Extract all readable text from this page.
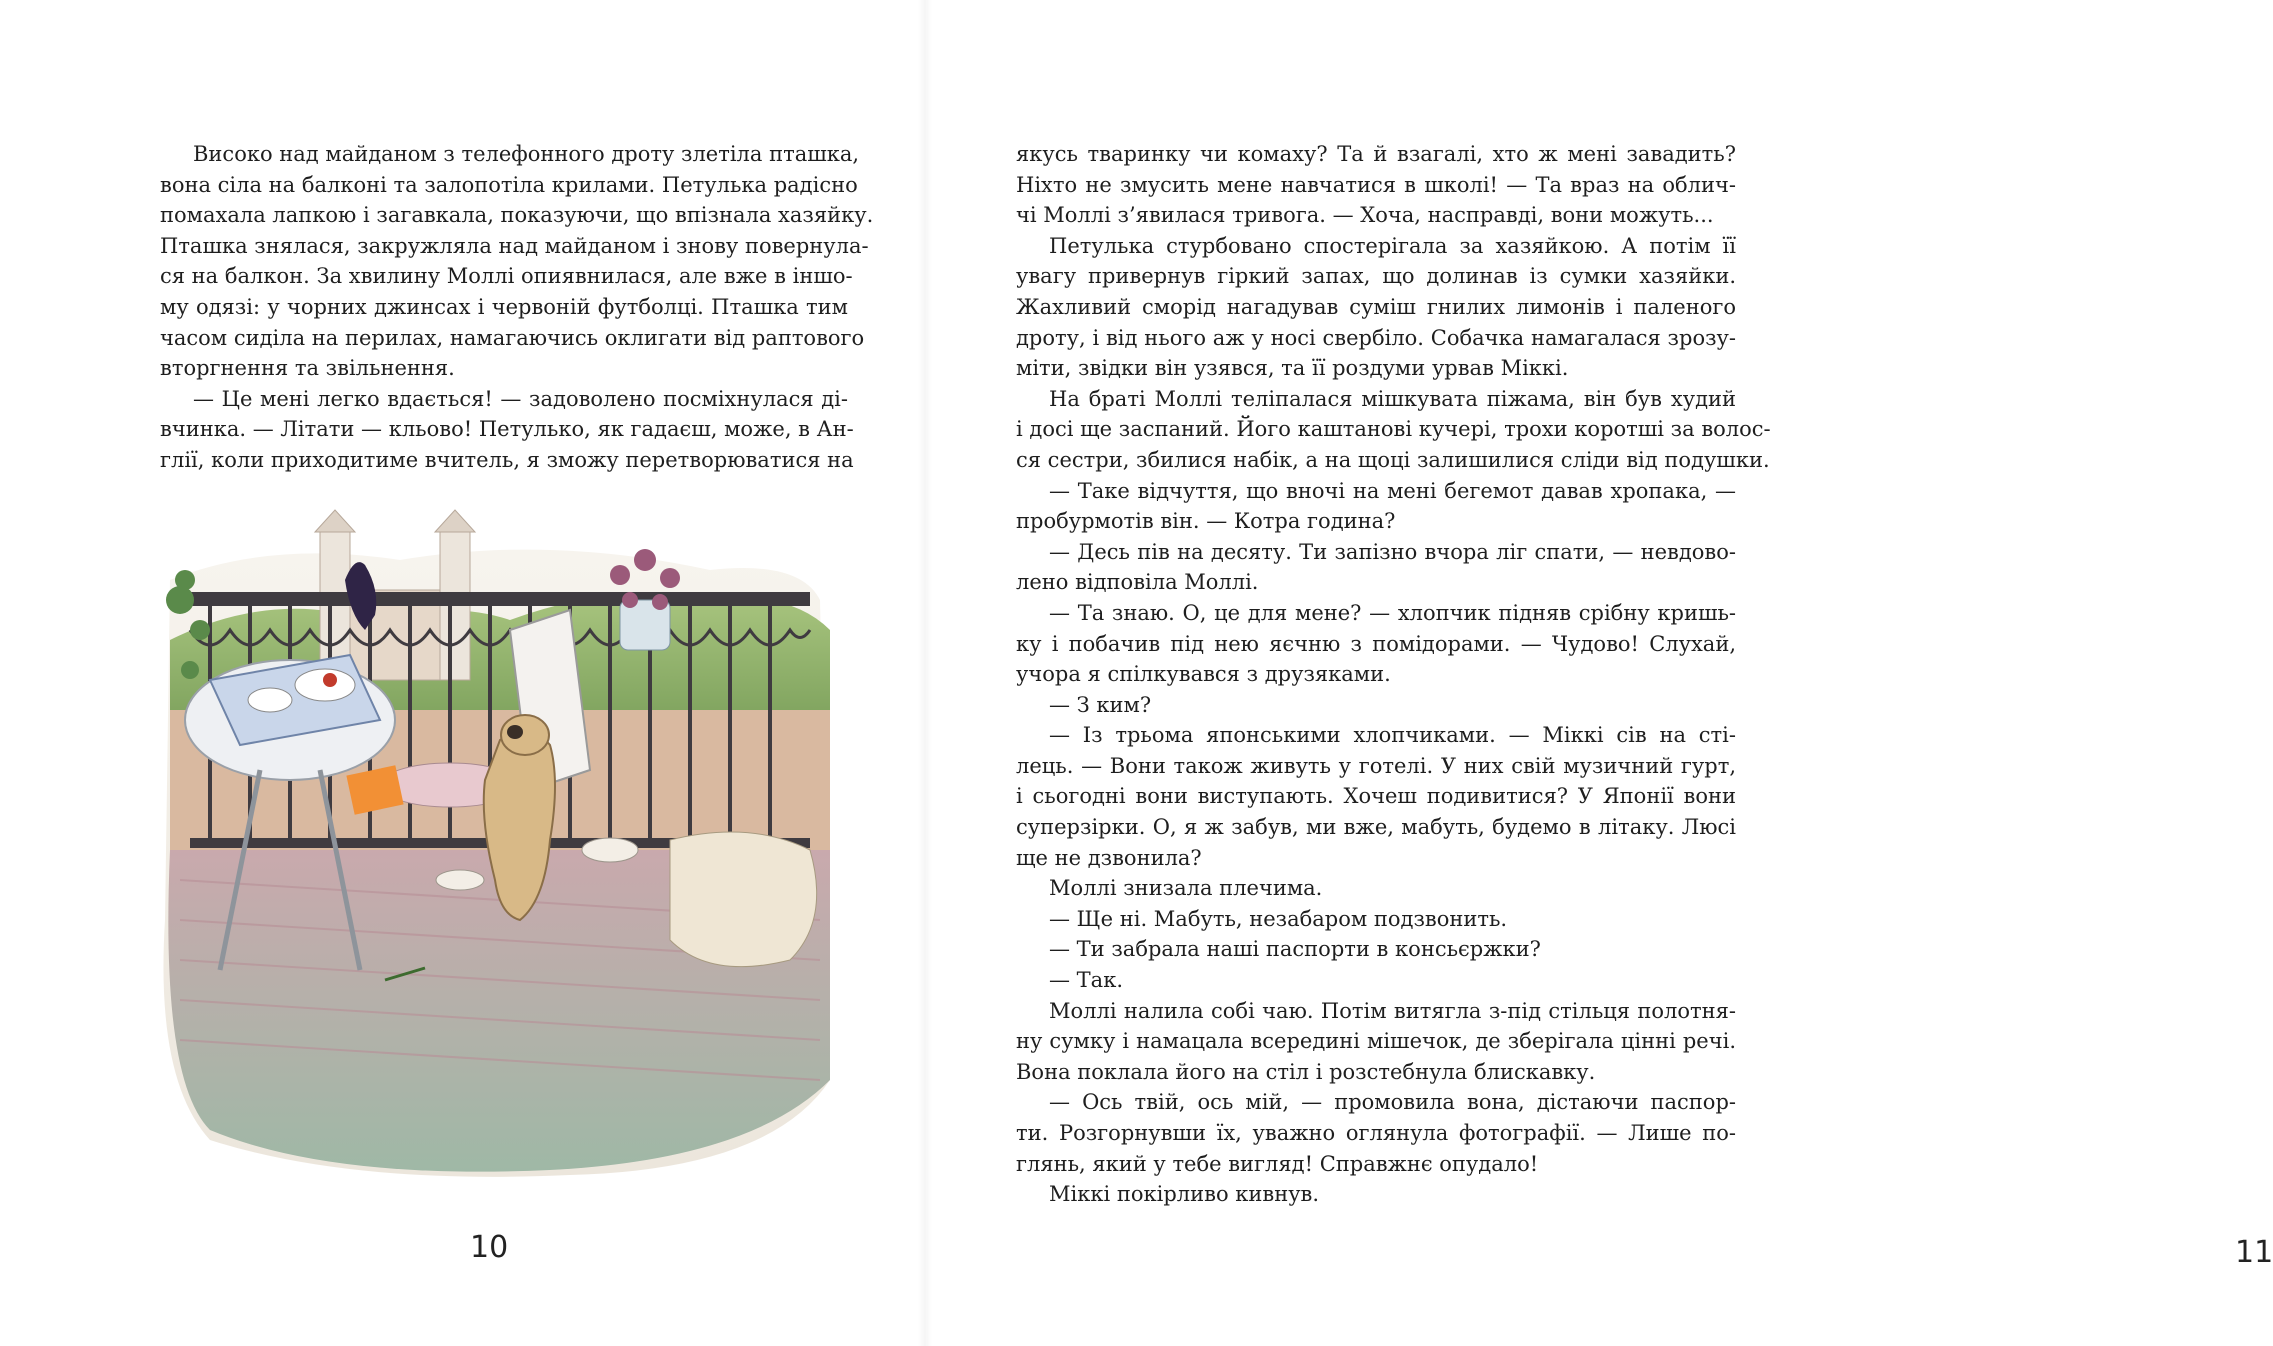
Високо над майданом з телефонного дроту злетіла пташка,

вона сіла на балконі та залопотіла крилами. Петулька радісно

помахала лапкою і загавкала, показуючи, що впізнала хазяйку.

Пташка знялася, закружляла над майданом і знову повернула-

ся на балкон. За хвилину Моллі опиявнилася, але вже в іншо-

му одязі: у чорних джинсах і червоній футболці. Пташка тим

часом сиділа на перилах, намагаючись оклигати від раптового

вторгнення та звільнення.

— Це мені легко вдається! — задоволено посміхнулася ді-

вчинка. — Літати — кльово! Петулько, як гадаєш, може, в Ан-

глії, коли приходитиме вчитель, я зможу перетворюватися на

10	11

якусь тваринку чи комаху? Та й взагалі, хто ж мені завадить?

Ніхто не змусить мене навчатися в школі! — Та враз на облич-

чі Моллі з’явилася тривога. — Хоча, насправді, вони можуть...

Петулька стурбовано спостерігала за хазяйкою. А потім її

увагу привернув гіркий запах, що долинав із сумки хазяйки.

Жахливий сморід нагадував суміш гнилих лимонів і паленого

дроту, і від нього аж у носі свербіло. Собачка намагалася зрозу-

міти, звідки він узявся, та її роздуми урвав Міккі.

На браті Моллі теліпалася мішкувата піжама, він був худий

і досі ще заспаний. Його каштанові кучері, трохи коротші за волос-

ся сестри, збилися набік, а на щоці залишилися сліди від подушки.

— Таке відчуття, що вночі на мені бегемот давав хропака, —

пробурмотів він. — Котра година?

— Десь пів на десяту. Ти запізно вчора ліг спати, — невдово-

лено відповіла Моллі.

— Та знаю. О, це для мене? — хлопчик підняв срібну кришь-

ку і побачив під нею яєчню з помідорами. — Чудово! Слухай,

учора я спілкувався з друзяками.

— З ким?

— Із трьома японськими хлопчиками. — Міккі сів на сті-

лець. — Вони також живуть у готелі. У них свій музичний гурт,

і сьогодні вони виступають. Хочеш подивитися? У Японії вони

суперзірки. О, я ж забув, ми вже, мабуть, будемо в літаку. Люсі

ще не дзвонила?

Моллі знизала плечима.

— Ще ні. Мабуть, незабаром подзвонить.

— Ти забрала наші паспорти в консьєржки?

— Так.

Моллі налила собі чаю. Потім витягла з-під стільця полотня-

ну сумку і намацала всередині мішечок, де зберігала цінні речі.

Вона поклала його на стіл і розстебнула блискавку.

— Ось твій, ось мій, — промовила вона, дістаючи паспор-

ти. Розгорнувши їх, уважно оглянула фотографії. — Лише по-

глянь, який у тебе вигляд! Справжнє опудало!

Міккі покірливо кивнув.
